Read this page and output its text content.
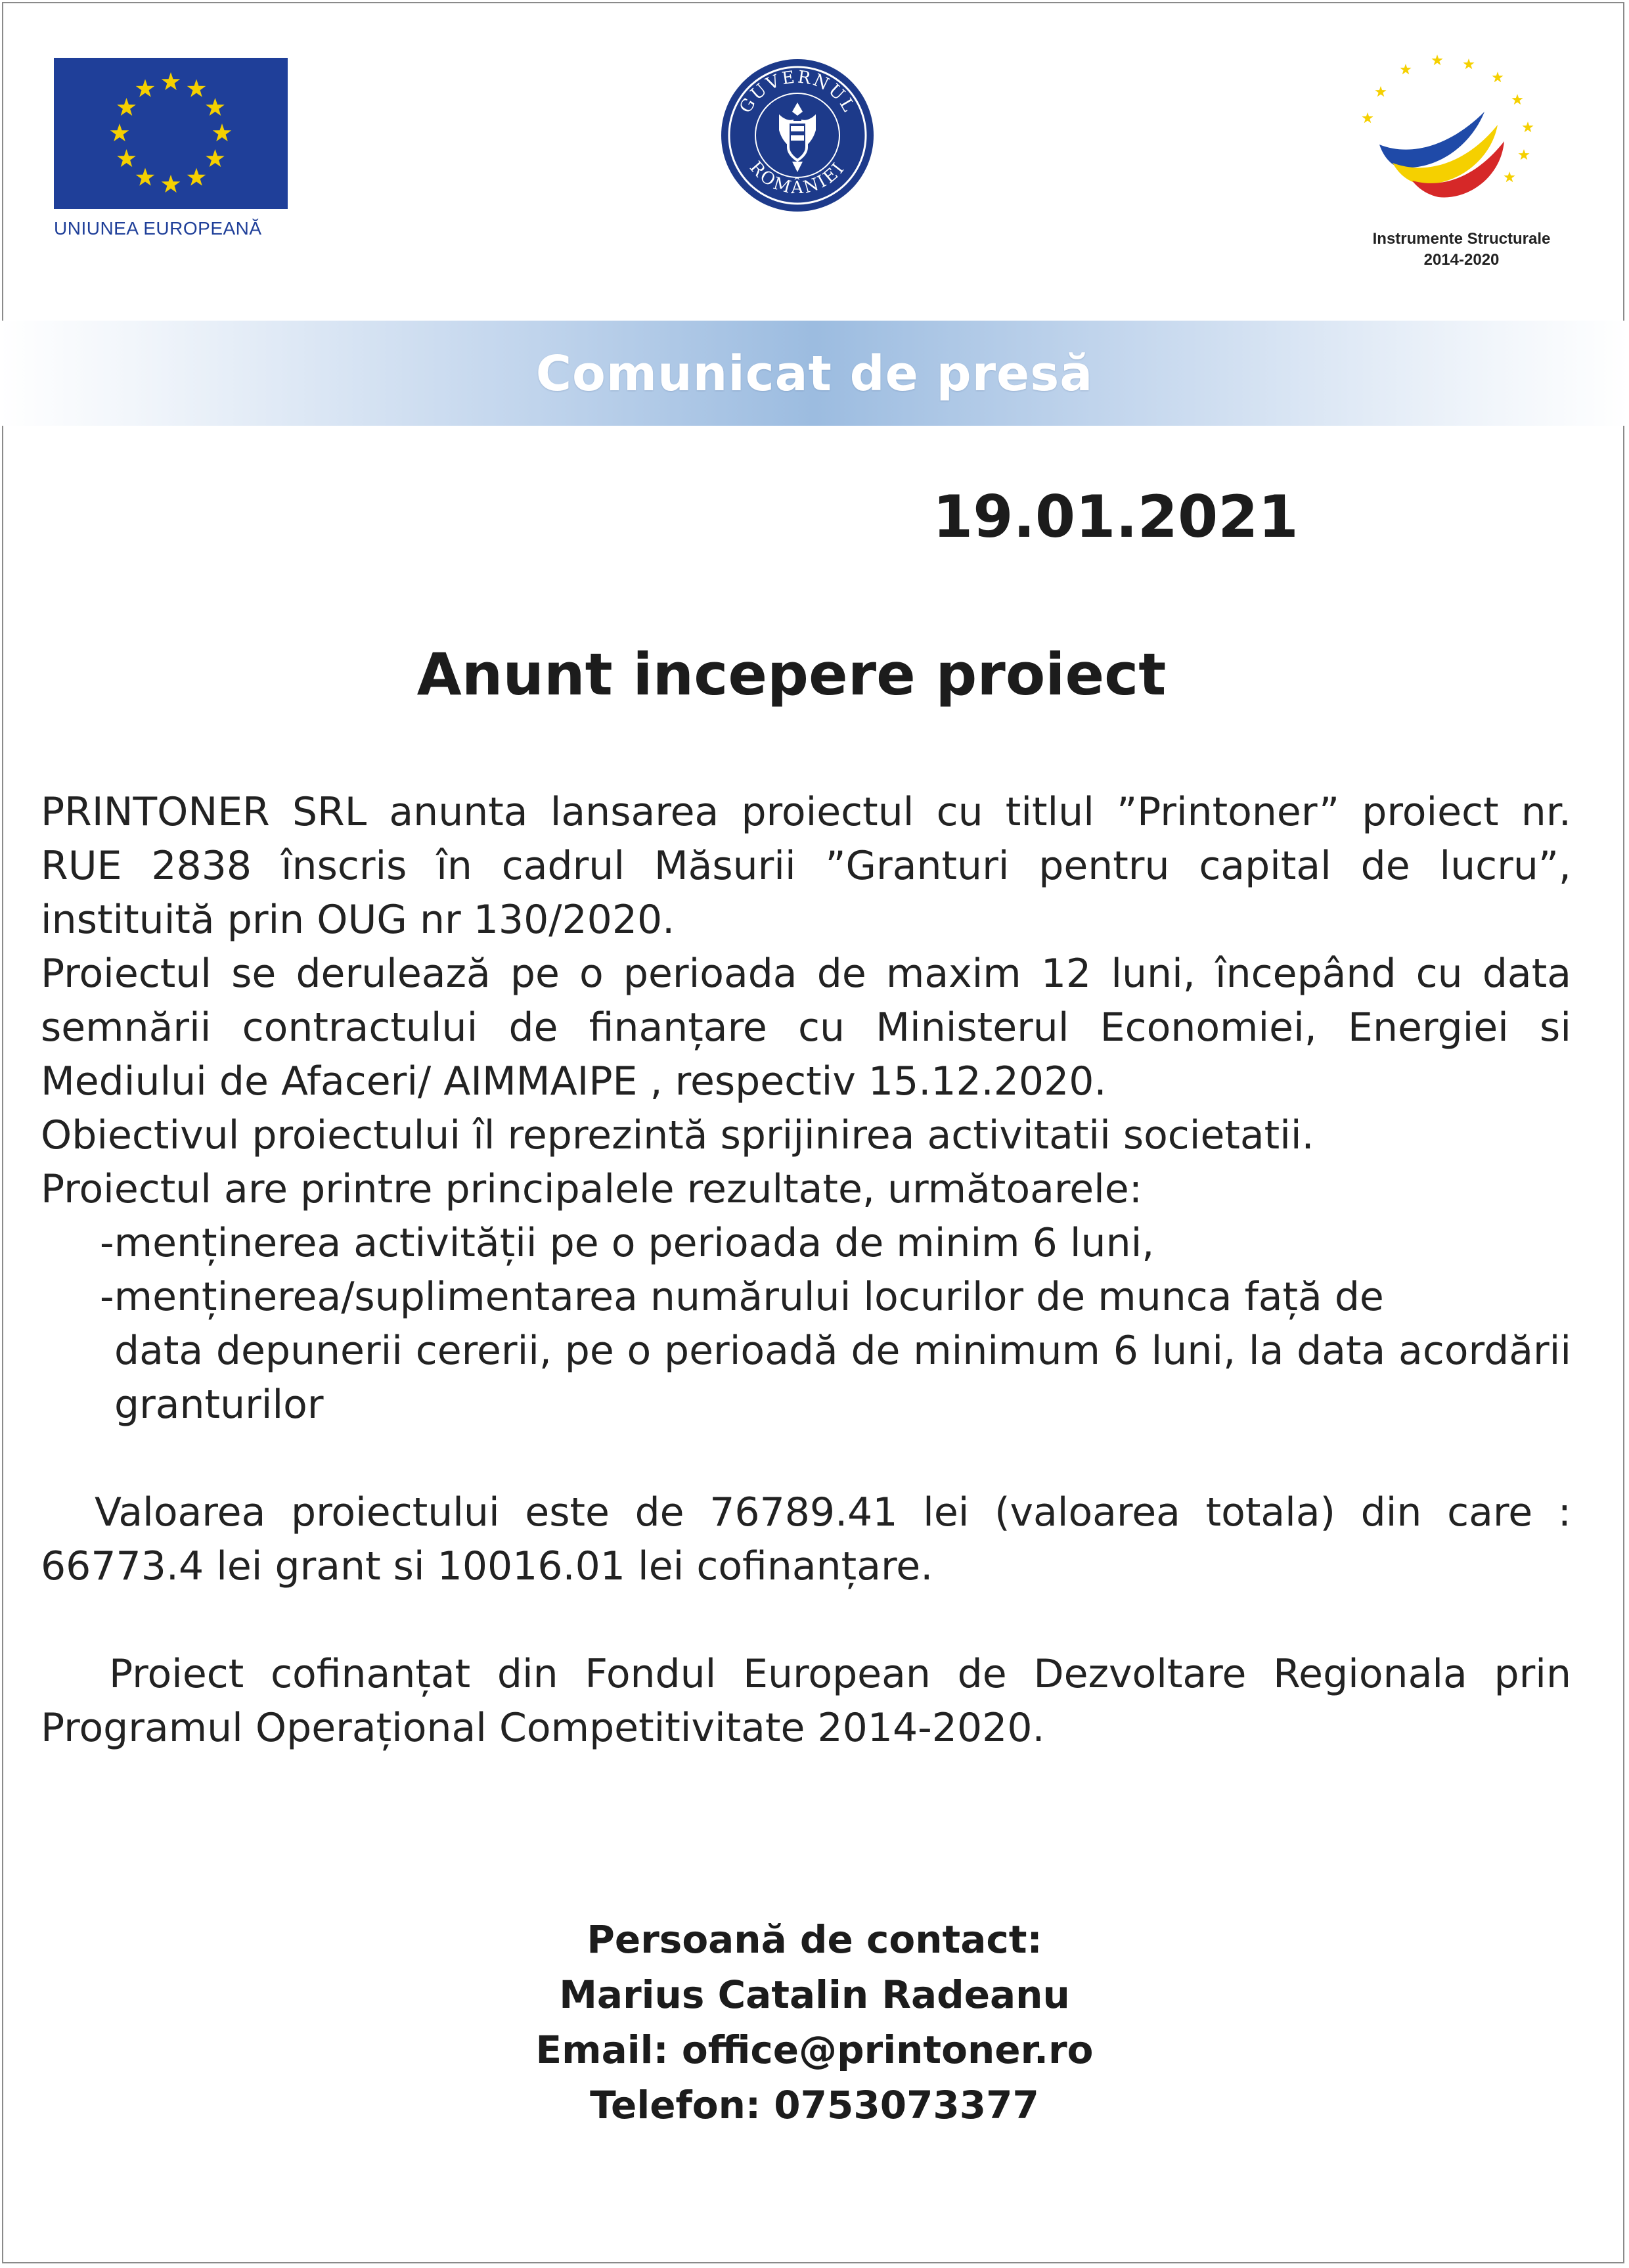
UNIUNEA EUROPEANĂ
GUVERNUL
ROMÂNIEI
Instrumente Structurale
2014-2020
Comunicat de presă
19.01.2021
Anunt incepere proiect

PRINTONER SRL anunta lansarea proiectul cu titlul ”Printoner” proiect nr. RUE 2838 înscris în cadrul Măsurii ”Granturi pentru capital de lucru”, instituită prin OUG nr 130/2020.

Proiectul se derulează pe o perioada de maxim 12 luni, începând cu data semnării contractului de finanțare cu Ministerul Economiei, Energiei si Mediului de Afaceri/ AIMMAIPE , respectiv 15.12.2020.

Obiectivul proiectului îl reprezintă sprijinirea activitatii societatii.

Proiectul are printre principalele rezultate, următoarele:

-menținerea activității pe o perioada de minim 6 luni,

-menținerea/suplimentarea numărului locurilor de munca față de

data depunerii cererii, pe o perioadă de minimum 6 luni, la data acordării granturilor

Valoarea proiectului este de 76789.41 lei (valoarea totala) din care : 66773.4 lei grant si 10016.01 lei cofinanțare.

Proiect cofinanțat din Fondul European de Dezvoltare Regionala prin Programul Operațional Competitivitate 2014-2020.

Persoană de contact:
Marius Catalin Radeanu
Email: office@printoner.ro
Telefon: 0753073377
